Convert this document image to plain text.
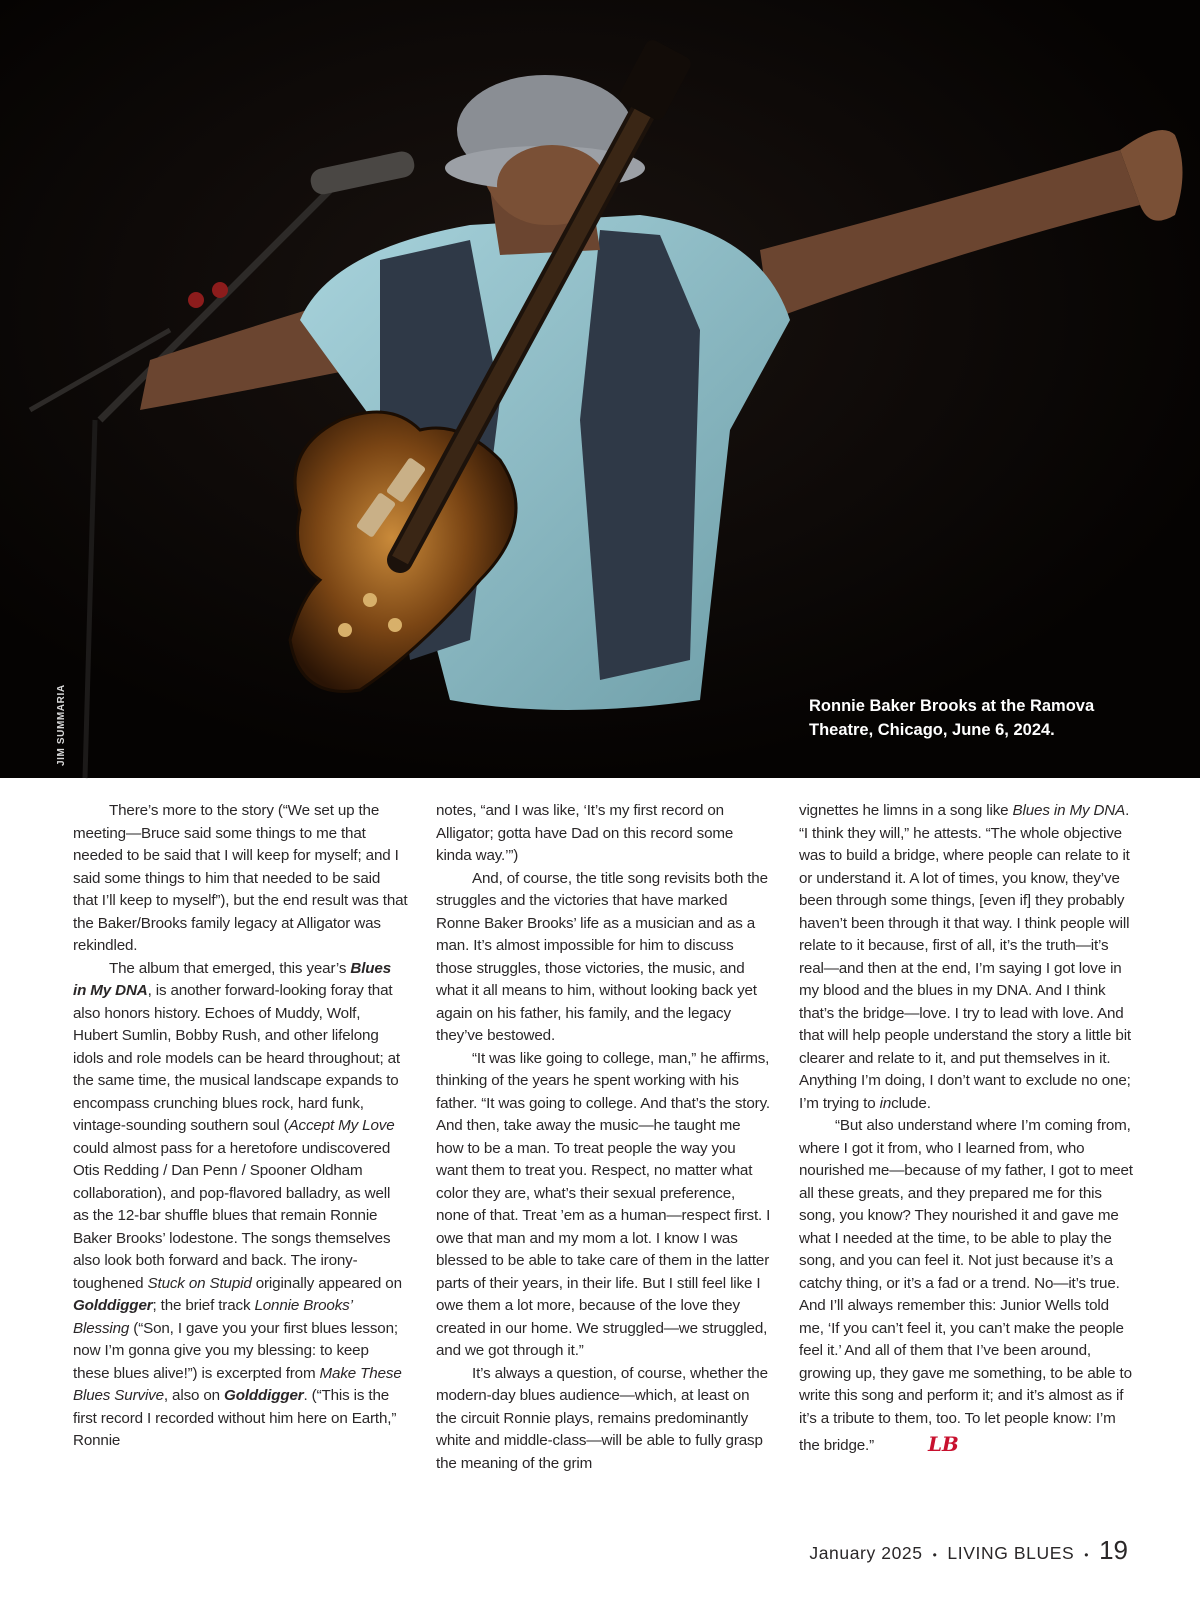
JIM SUMMARIA	Ronnie Baker Brooks at the Ramova Theatre, Chicago, June 6, 2024.

There’s more to the story (“We set up the meeting—Bruce said some things to me that needed to be said that I will keep for myself; and I said some things to him that needed to be said that I’ll keep to myself”), but the end result was that the Baker/Brooks family legacy at Alligator was rekindled.

The album that emerged, this year’s Blues in My DNA, is another forward-looking foray that also honors history. Echoes of Muddy, Wolf, Hubert Sumlin, Bobby Rush, and other lifelong idols and role models can be heard throughout; at the same time, the musical landscape expands to encompass crunching blues rock, hard funk, vintage-sounding southern soul (Accept My Love could almost pass for a heretofore undiscovered Otis Redding / Dan Penn / Spooner Oldham collaboration), and pop-flavored balladry, as well as the 12-bar shuffle blues that remain Ronnie Baker Brooks’ lodestone. The songs themselves also look both forward and back. The irony-toughened Stuck on Stupid originally appeared on Golddigger; the brief track Lonnie Brooks’ Blessing (“Son, I gave you your first blues lesson; now I’m gonna give you my blessing: to keep these blues alive!”) is excerpted from Make These Blues Survive, also on Golddigger. (“This is the first record I recorded without him here on Earth,” Ronnie

notes, “and I was like, ‘It’s my first record on Alligator; gotta have Dad on this record some kinda way.’”)

And, of course, the title song revisits both the struggles and the victories that have marked Ronne Baker Brooks’ life as a musician and as a man. It’s almost impossible for him to discuss those struggles, those victories, the music, and what it all means to him, without looking back yet again on his father, his family, and the legacy they’ve bestowed.

“It was like going to college, man,” he affirms, thinking of the years he spent working with his father. “It was going to college. And that’s the story. And then, take away the music—he taught me how to be a man. To treat people the way you want them to treat you. Respect, no matter what color they are, what’s their sexual preference, none of that. Treat ’em as a human—respect first. I owe that man and my mom a lot. I know I was blessed to be able to take care of them in the latter parts of their years, in their life. But I still feel like I owe them a lot more, because of the love they created in our home. We struggled—we struggled, and we got through it.”

It’s always a question, of course, whether the modern-day blues audience—which, at least on the circuit Ronnie plays, remains predominantly white and middle-class—will be able to fully grasp the meaning of the grim

vignettes he limns in a song like Blues in My DNA. “I think they will,” he attests. “The whole objective was to build a bridge, where people can relate to it or understand it. A lot of times, you know, they’ve been through some things, [even if] they probably haven’t been through it that way. I think people will relate to it because, first of all, it’s the truth—it’s real—and then at the end, I’m saying I got love in my blood and the blues in my DNA. And I think that’s the bridge—love. I try to lead with love. And that will help people understand the story a little bit clearer and relate to it, and put themselves in it. Anything I’m doing, I don’t want to exclude no one; I’m trying to include.

“But also understand where I’m coming from, where I got it from, who I learned from, who nourished me—because of my father, I got to meet all these greats, and they prepared me for this song, you know? They nourished it and gave me what I needed at the time, to be able to play the song, and you can feel it. Not just because it’s a catchy thing, or it’s a fad or a trend. No—it’s true. And I’ll always remember this: Junior Wells told me, ‘If you can’t feel it, you can’t make the people feel it.’ And all of them that I’ve been around, growing up, they gave me something, to be able to write this song and perform it; and it’s almost as if it’s a tribute to them, too. To let people know: I’m the bridge.”	LB

January 2025 • LIVING BLUES • 19
